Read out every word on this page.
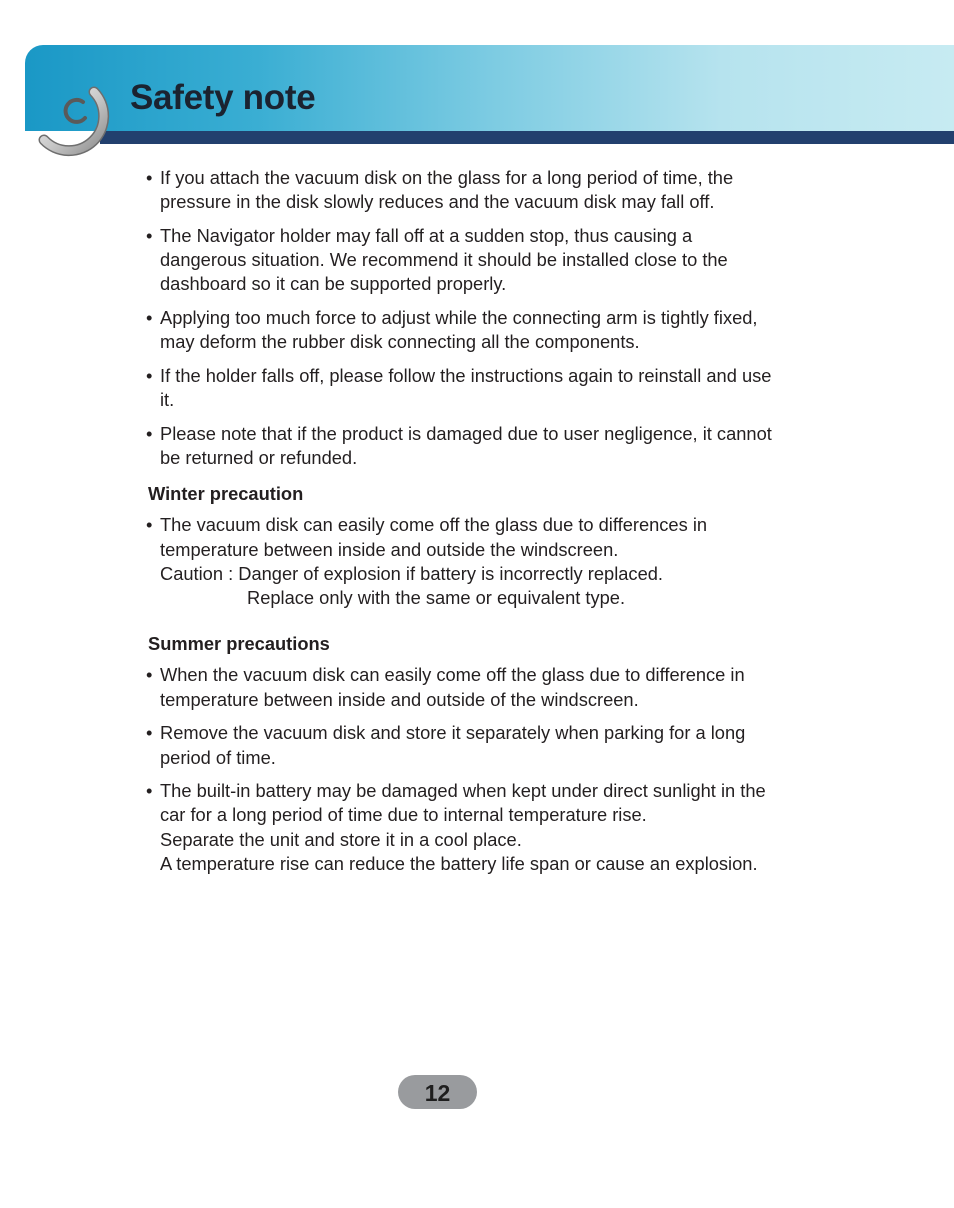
Safety note

• If you attach the vacuum disk on the glass for a long period of time, the pressure in the disk slowly reduces and the vacuum disk may fall off.

• The Navigator holder may fall off at a sudden stop, thus causing a dangerous situation. We recommend it should be installed close to the dashboard so it can be supported properly.

• Applying too much force to adjust while the connecting arm is tightly fixed, may deform the rubber disk connecting all the components.

• If the holder falls off, please follow the instructions again to reinstall and use it.

• Please note that if the product is damaged due to user negligence, it cannot be returned or refunded.

Winter precaution

• The vacuum disk can easily come off the glass due to differences in temperature between inside and outside the windscreen.
Caution : Danger of explosion if battery is incorrectly replaced.
Replace only with the same or equivalent type.

Summer precautions

• When the vacuum disk can easily come off the glass due to difference in temperature between inside and outside of the windscreen.

• Remove the vacuum disk and store it separately when parking for a long period of time.

• The built-in battery may be damaged when kept under direct sunlight in the car for a long period of time due to internal temperature rise.
Separate the unit and store it in a cool place.
A temperature rise can reduce the battery life span or cause an explosion.
12
